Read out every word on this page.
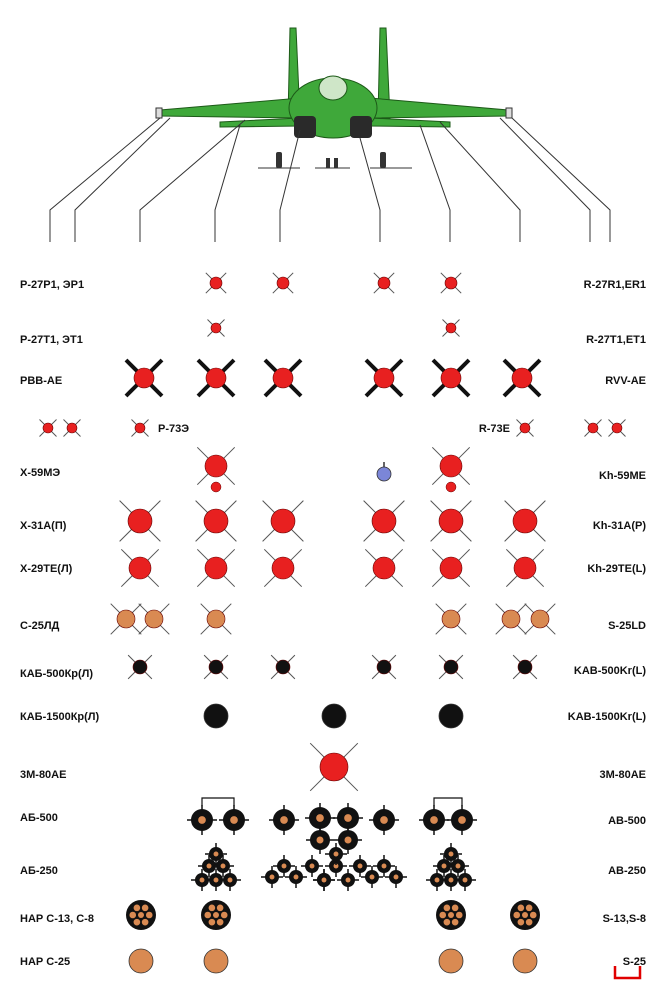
Р-27Р1, ЭР1
Р-27Т1, ЭТ1
РВВ-АЕ
Р-73Э
Х-59МЭ
Х-31А(П)
Х-29ТЕ(Л)
С-25ЛД
КАБ-500Кр(Л)
КАБ-1500Кр(Л)
3М-80АЕ
АБ-500
АБ-250
НАР С-13, С-8
НАР С-25
R-27R1,ER1
R-27T1,ET1
RVV-AE
R-73E
Kh-59ME
Kh-31A(P)
Kh-29TE(L)
S-25LD
KAB-500Kr(L)
KAB-1500Kr(L)
3M-80AE
AB-500
AB-250
S-13,S-8
S-25
